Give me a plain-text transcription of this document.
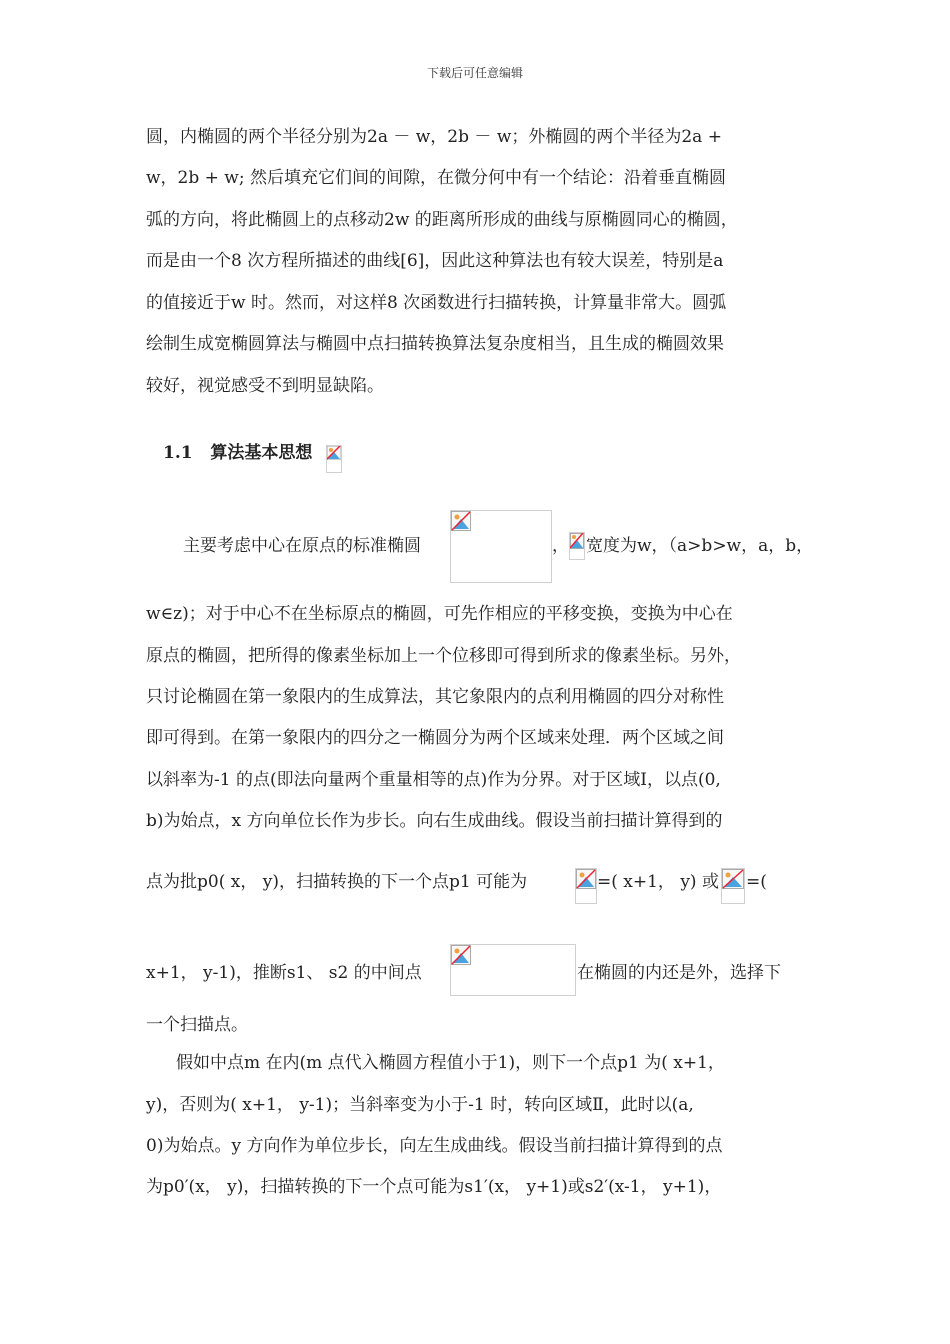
下载后可任意编辑
圆，内椭圆的两个半径分别为2a － w，2b － w；外椭圆的两个半径为2a +
w，2b + w; 然后填充它们间的间隙，在微分何中有一个结论：沿着垂直椭圆
弧的方向，将此椭圆上的点移动2w 的距离所形成的曲线与原椭圆同心的椭圆，
而是由一个8 次方程所描述的曲线[6]，因此这种算法也有较大误差，特别是a
的值接近于w 时。然而，对这样8 次函数进行扫描转换，计算量非常大。圆弧
绘制生成宽椭圆算法与椭圆中点扫描转换算法复杂度相当，且生成的椭圆效果
较好，视觉感受不到明显缺陷。
1.1 算法基本思想
主要考虑中心在原点的标准椭圆	， 宽度为w，（a>b>w，a，b，
w∈z)；对于中心不在坐标原点的椭圆，可先作相应的平移变换，变换为中心在
原点的椭圆，把所得的像素坐标加上一个位移即可得到所求的像素坐标。另外，
只讨论椭圆在第一象限内的生成算法，其它象限内的点利用椭圆的四分对称性
即可得到。在第一象限内的四分之一椭圆分为两个区域来处理．两个区域之间
以斜率为-1 的点(即法向量两个重量相等的点)作为分界。对于区域I，以点(0,
b)为始点，x 方向单位长作为步长。向右生成曲线。假设当前扫描计算得到的
点为批p0( x， y)，扫描转换的下一个点p1 可能为	=( x+1， y) 或 =(
x+1， y-1)，推断s1、 s2 的中间点	在椭圆的内还是外，选择下
一个扫描点。
假如中点m 在内(m 点代入椭圆方程值小于1)，则下一个点p1 为( x+1，
y)，否则为( x+1， y-1)；当斜率变为小于-1 时，转向区域Ⅱ，此时以(a,
0)为始点。y 方向作为单位步长，向左生成曲线。假设当前扫描计算得到的点
为p0′(x， y)，扫描转换的下一个点可能为s1′(x， y+1)或s2′(x-1， y+1)，
